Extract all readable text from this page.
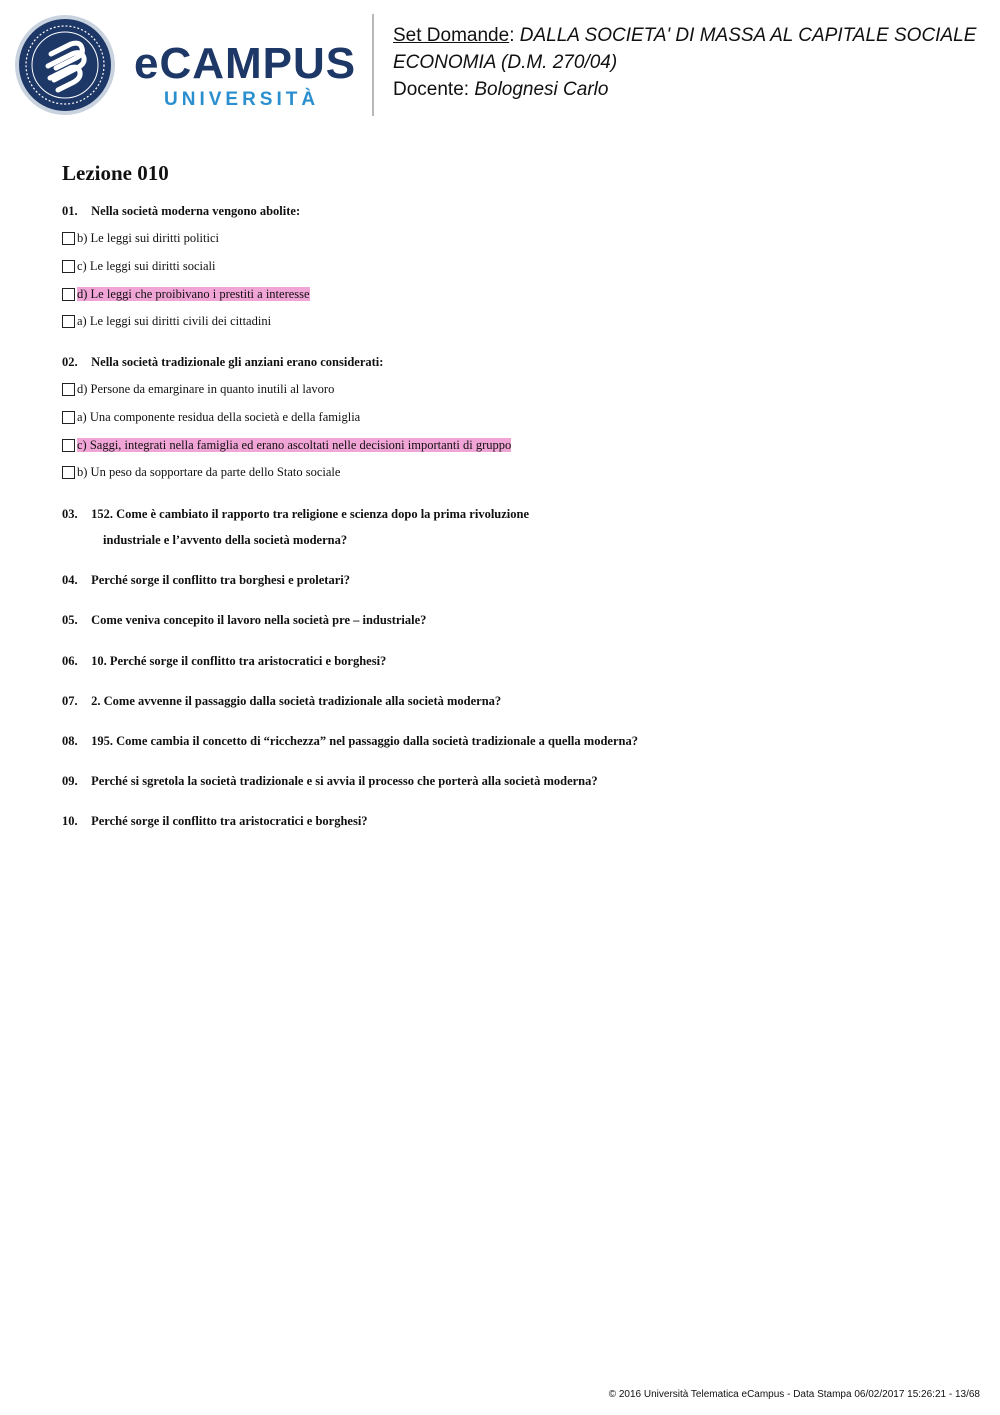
eCAMPUS
UNIVERSITÀ
Set Domande: DALLA SOCIETA' DI MASSA AL CAPITALE SOCIALE
ECONOMIA (D.M. 270/04)
Docente: Bolognesi Carlo
Lezione 010
01. Nella società moderna vengono abolite:
b) Le leggi sui diritti politici
c) Le leggi sui diritti sociali
d) Le leggi che proibivano i prestiti a interesse
a) Le leggi sui diritti civili dei cittadini
02. Nella società tradizionale gli anziani erano considerati:
d) Persone da emarginare in quanto inutili al lavoro
a) Una componente residua della società e della famiglia
c) Saggi, integrati nella famiglia ed erano ascoltati nelle decisioni importanti di gruppo
b) Un peso da sopportare da parte dello Stato sociale
03. 152. Come è cambiato il rapporto tra religione e scienza dopo la prima rivoluzione
industriale e l’avvento della società moderna?
04. Perché sorge il conflitto tra borghesi e proletari?
05. Come veniva concepito il lavoro nella società pre – industriale?
06. 10. Perché sorge il conflitto tra aristocratici e borghesi?
07. 2. Come avvenne il passaggio dalla società tradizionale alla società moderna?
08. 195. Come cambia il concetto di “ricchezza” nel passaggio dalla società tradizionale a quella moderna?
09. Perché si sgretola la società tradizionale e si avvia il processo che porterà alla società moderna?
10. Perché sorge il conflitto tra aristocratici e borghesi?
© 2016 Università Telematica eCampus - Data Stampa 06/02/2017 15:26:21 - 13/68
